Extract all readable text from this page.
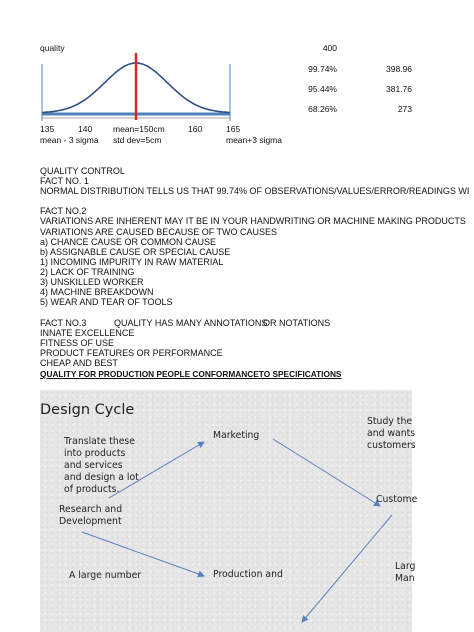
quality
135	140 mean=150cm	160	165
mean - 3 sigma std dev=5cm	mean+3 sigma
400
99.74%	398.96
95.44%	381.76
68.26%	273
QUALITY CONTROL
FACT NO. 1
NORMAL DISTRIBUTION TELLS US THAT 99.74% OF OBSERVATIONS/VALUES/ERROR/READINGS WI

FACT NO.2
VARIATIONS ARE INHERENT MAY IT BE IN YOUR HANDWRITING OR MACHINE MAKING PRODUCTS
VARIATIONS ARE CAUSED BECAUSE OF TWO CAUSES
a) CHANCE CAUSE OR COMMON CAUSE
b) ASSIGNABLE CAUSE OR SPECIAL CAUSE
1) INCOMING IMPURITY IN RAW MATERIAL
2) LACK OF TRAINING
3) UNSKILLED WORKER
4) MACHINE BREAKDOWN
5) WEAR AND TEAR OF TOOLS
FACT NO.3	QUALITY HAS MANY ANNOTATIONS
OR NOTATIONS
INNATE EXCELLENCE
FITNESS OF USE
PRODUCT FEATURES OR PERFORMANCE
CHEAP AND BEST
QUALITY FOR PRODUCTION PEOPLE CONFORMANCETO SPECIFICATIONS
Design Cycle
Marketing
Translate these
into products
and services
and design a lot
of products.
Study the
and wants
customers
Custome
Research and
Development
A large number	Production and
Larg
Man
